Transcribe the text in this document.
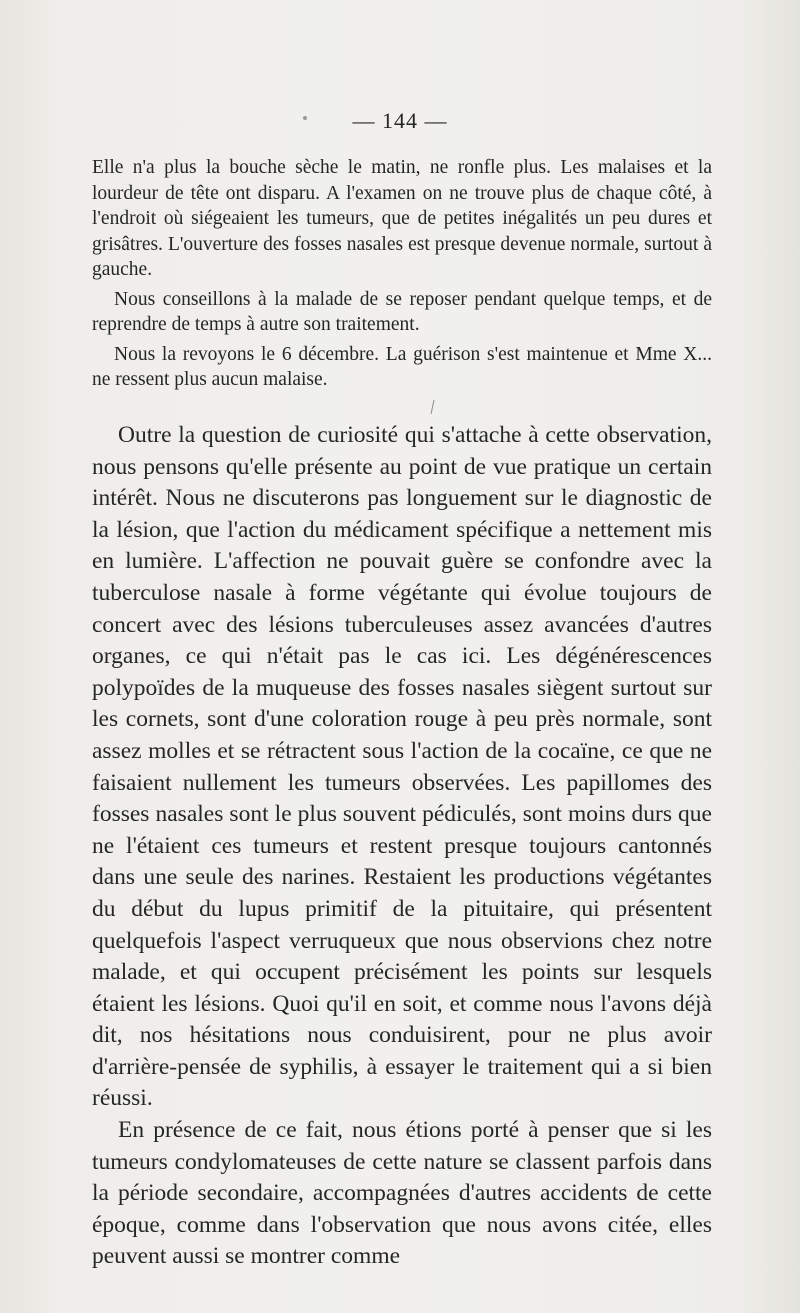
— 144 —

Elle n'a plus la bouche sèche le matin, ne ronfle plus. Les malaises et la lourdeur de tête ont disparu. A l'examen on ne trouve plus de chaque côté, à l'endroit où siégeaient les tumeurs, que de petites inégalités un peu dures et grisâtres. L'ouverture des fosses nasales est presque devenue normale, surtout à gauche.

Nous conseillons à la malade de se reposer pendant quelque temps, et de reprendre de temps à autre son traitement.

Nous la revoyons le 6 décembre. La guérison s'est maintenue et Mme X... ne ressent plus aucun malaise.

Outre la question de curiosité qui s'attache à cette observation, nous pensons qu'elle présente au point de vue pratique un certain intérêt. Nous ne discuterons pas longuement sur le diagnostic de la lésion, que l'action du médicament spécifique a nettement mis en lumière. L'affection ne pouvait guère se confondre avec la tuberculose nasale à forme végétante qui évolue toujours de concert avec des lésions tuberculeuses assez avancées d'autres organes, ce qui n'était pas le cas ici. Les dégénérescences polypoïdes de la muqueuse des fosses nasales siègent surtout sur les cornets, sont d'une coloration rouge à peu près normale, sont assez molles et se rétractent sous l'action de la cocaïne, ce que ne faisaient nullement les tumeurs observées. Les papillomes des fosses nasales sont le plus souvent pédiculés, sont moins durs que ne l'étaient ces tumeurs et restent presque toujours cantonnés dans une seule des narines. Restaient les productions végétantes du début du lupus primitif de la pituitaire, qui présentent quelquefois l'aspect verruqueux que nous observions chez notre malade, et qui occupent précisément les points sur lesquels étaient les lésions. Quoi qu'il en soit, et comme nous l'avons déjà dit, nos hésitations nous conduisirent, pour ne plus avoir d'arrière-pensée de syphilis, à essayer le traitement qui a si bien réussi.

En présence de ce fait, nous étions porté à penser que si les tumeurs condylomateuses de cette nature se classent parfois dans la période secondaire, accompagnées d'autres accidents de cette époque, comme dans l'observation que nous avons citée, elles peuvent aussi se montrer comme
